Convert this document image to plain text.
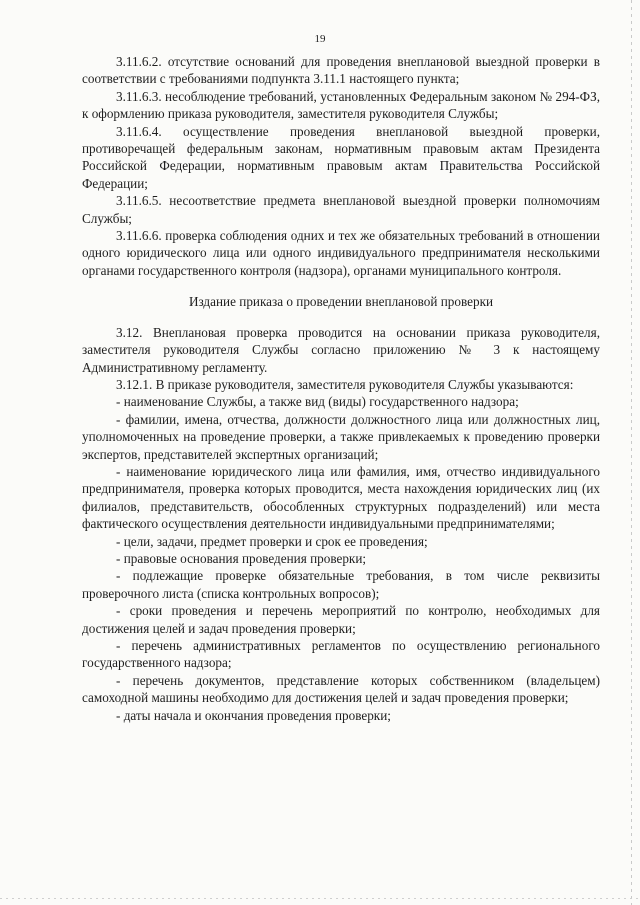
19

3.11.6.2. отсутствие оснований для проведения внеплановой выездной проверки в соответствии с требованиями подпункта 3.11.1 настоящего пункта;

3.11.6.3. несоблюдение требований, установленных Федеральным законом № 294-ФЗ, к оформлению приказа руководителя, заместителя руководителя Службы;

3.11.6.4. осуществление проведения внеплановой выездной проверки, противоречащей федеральным законам, нормативным правовым актам Президента Российской Федерации, нормативным правовым актам Правительства Российской Федерации;

3.11.6.5. несоответствие предмета внеплановой выездной проверки полномочиям Службы;

3.11.6.6. проверка соблюдения одних и тех же обязательных требований в отношении одного юридического лица или одного индивидуального предпринимателя несколькими органами государственного контроля (надзора), органами муниципального контроля.

Издание приказа о проведении внеплановой проверки

3.12. Внеплановая проверка проводится на основании приказа руководителя, заместителя руководителя Службы согласно приложению № 3 к настоящему Административному регламенту.

3.12.1. В приказе руководителя, заместителя руководителя Службы указываются:

- наименование Службы, а также вид (виды) государственного надзора;

- фамилии, имена, отчества, должности должностного лица или должностных лиц, уполномоченных на проведение проверки, а также привлекаемых к проведению проверки экспертов, представителей экспертных организаций;

- наименование юридического лица или фамилия, имя, отчество индивидуального предпринимателя, проверка которых проводится, места нахождения юридических лиц (их филиалов, представительств, обособленных структурных подразделений) или места фактического осуществления деятельности индивидуальными предпринимателями;

- цели, задачи, предмет проверки и срок ее проведения;

- правовые основания проведения проверки;

- подлежащие проверке обязательные требования, в том числе реквизиты проверочного листа (списка контрольных вопросов);

- сроки проведения и перечень мероприятий по контролю, необходимых для достижения целей и задач проведения проверки;

- перечень административных регламентов по осуществлению регионального государственного надзора;

- перечень документов, представление которых собственником (владельцем) самоходной машины необходимо для достижения целей и задач проведения проверки;

- даты начала и окончания проведения проверки;
